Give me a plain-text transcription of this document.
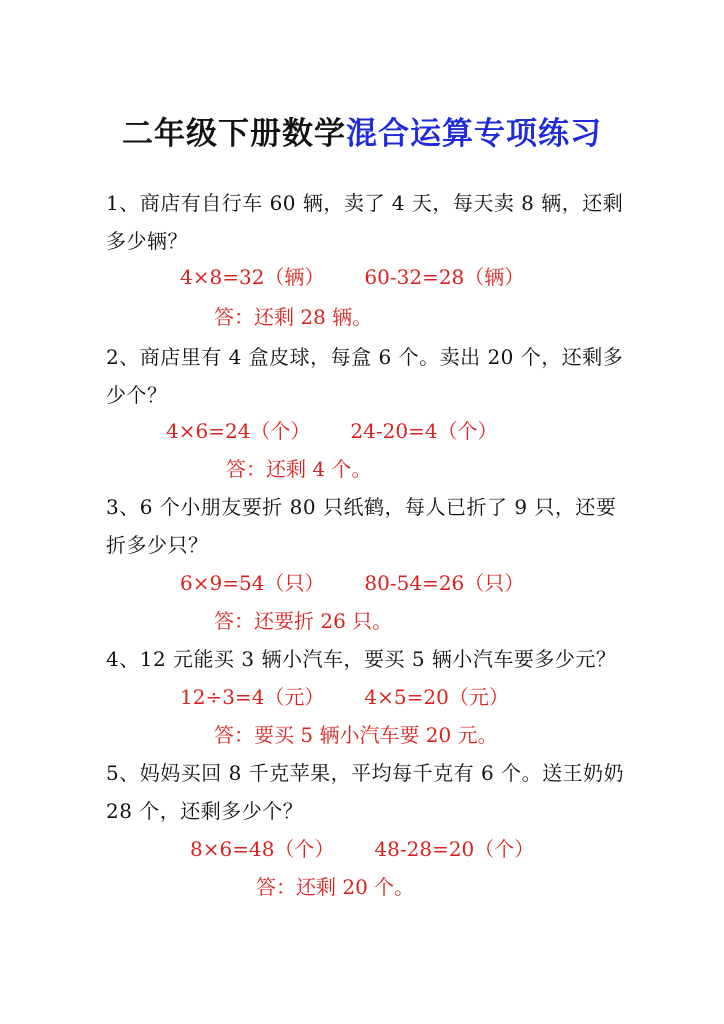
二年级下册数学混合运算专项练习
1、商店有自行车 60 辆，卖了 4 天，每天卖 8 辆，还剩多少辆？
4×8=32（辆） 60-32=28（辆）
答：还剩 28 辆。
2、商店里有 4 盒皮球，每盒 6 个。卖出 20 个，还剩多少个？
4×6=24（个） 24-20=4（个）
答：还剩 4 个。
3、6 个小朋友要折 80 只纸鹤，每人已折了 9 只，还要折多少只？
6×9=54（只） 80-54=26（只）
答：还要折 26 只。
4、12 元能买 3 辆小汽车，要买 5 辆小汽车要多少元？
12÷3=4（元） 4×5=20（元）
答：要买 5 辆小汽车要 20 元。
5、妈妈买回 8 千克苹果，平均每千克有 6 个。送王奶奶 28 个，还剩多少个？
8×6=48（个） 48-28=20（个）
答：还剩 20 个。
